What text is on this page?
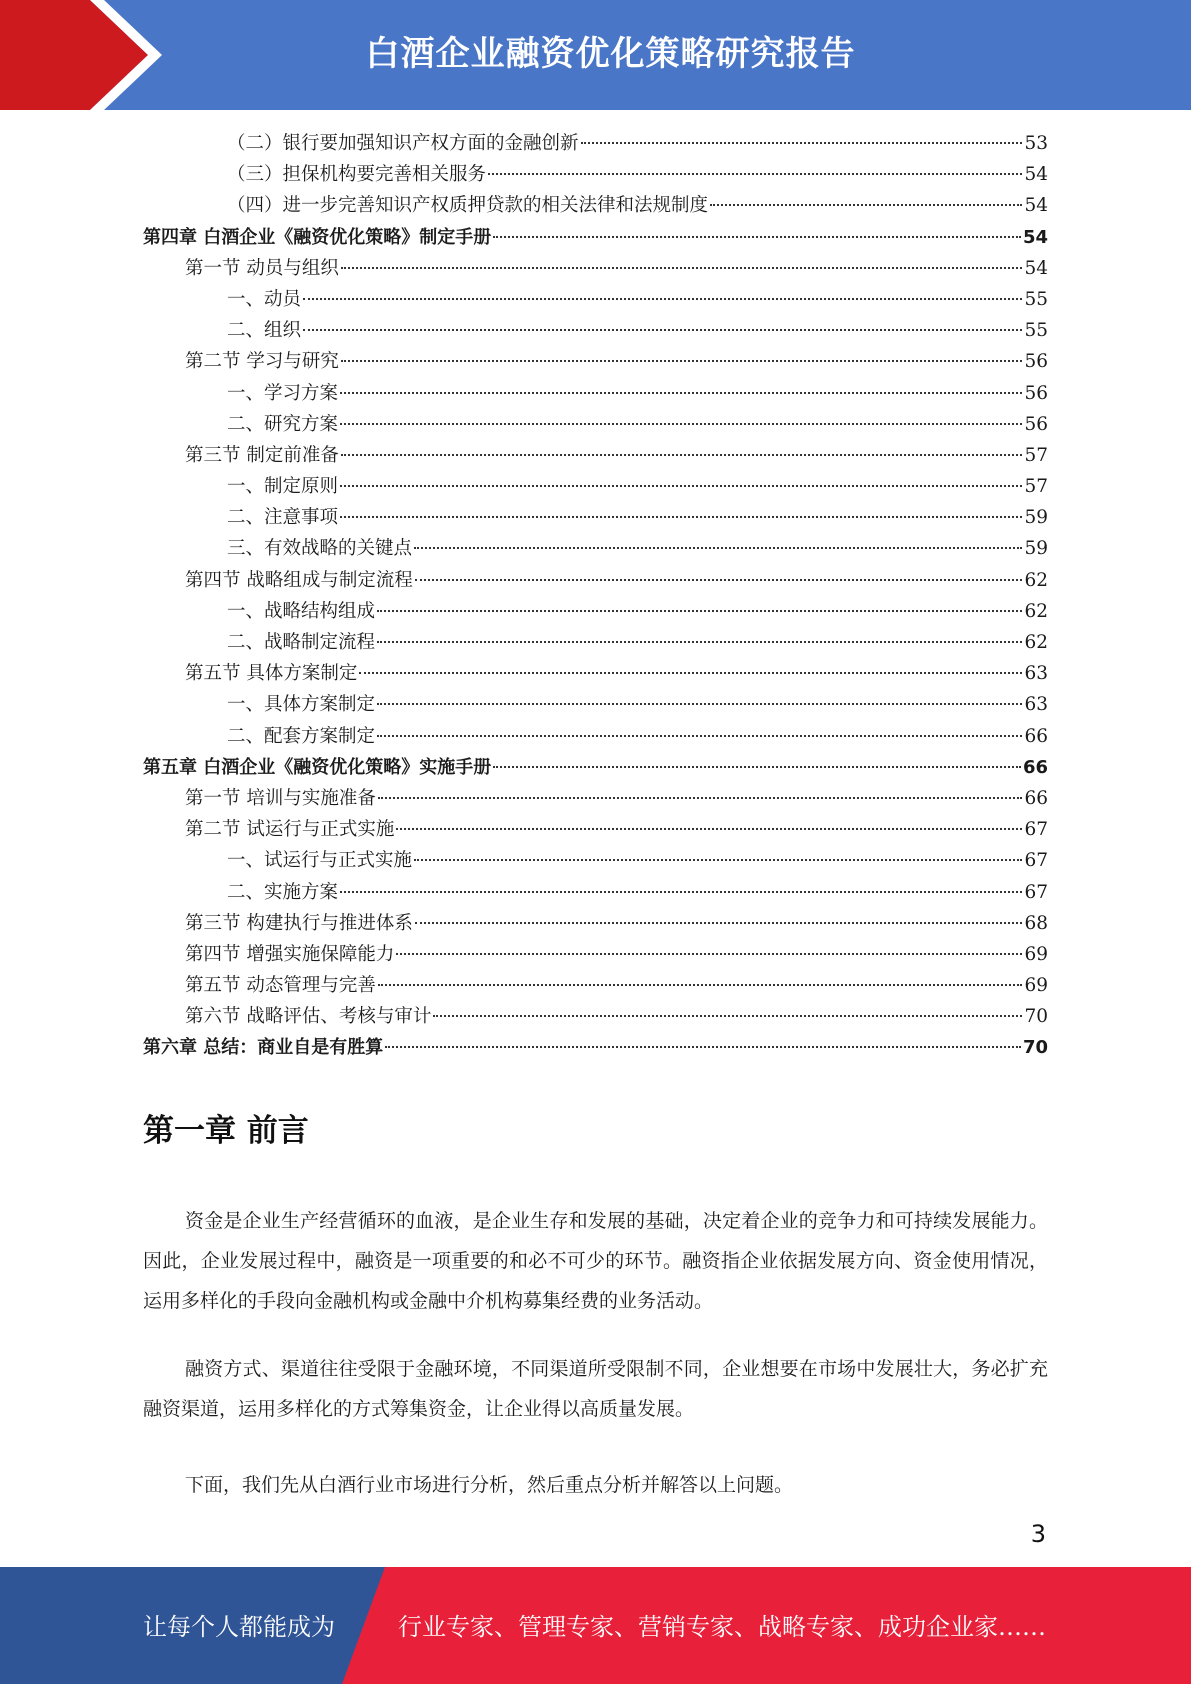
白酒企业融资优化策略研究报告
（二）银行要加强知识产权方面的金融创新	53
（三）担保机构要完善相关服务	54
（四）进一步完善知识产权质押贷款的相关法律和法规制度	54
第四章 白酒企业《融资优化策略》制定手册	54
第一节 动员与组织	54
一、动员	55
二、组织	55
第二节 学习与研究	56
一、学习方案	56
二、研究方案	56
第三节 制定前准备	57
一、制定原则	57
二、注意事项	59
三、有效战略的关键点	59
第四节 战略组成与制定流程	62
一、战略结构组成	62
二、战略制定流程	62
第五节 具体方案制定	63
一、具体方案制定	63
二、配套方案制定	66
第五章 白酒企业《融资优化策略》实施手册	66
第一节 培训与实施准备	66
第二节 试运行与正式实施	67
一、试运行与正式实施	67
二、实施方案	67
第三节 构建执行与推进体系	68
第四节 增强实施保障能力	69
第五节 动态管理与完善	69
第六节 战略评估、考核与审计	70
第六章 总结：商业自是有胜算	70
第一章 前言

资金是企业生产经营循环的血液，是企业生存和发展的基础，决定着企业的竞争力和可持续发展能力。因此，企业发展过程中，融资是一项重要的和必不可少的环节。融资指企业依据发展方向、资金使用情况，运用多样化的手段向金融机构或金融中介机构募集经费的业务活动。

融资方式、渠道往往受限于金融环境，不同渠道所受限制不同，企业想要在市场中发展壮大，务必扩充融资渠道，运用多样化的方式筹集资金，让企业得以高质量发展。

下面，我们先从白酒行业市场进行分析，然后重点分析并解答以上问题。

3
让每个人都能成为	行业专家、管理专家、营销专家、战略专家、成功企业家……
